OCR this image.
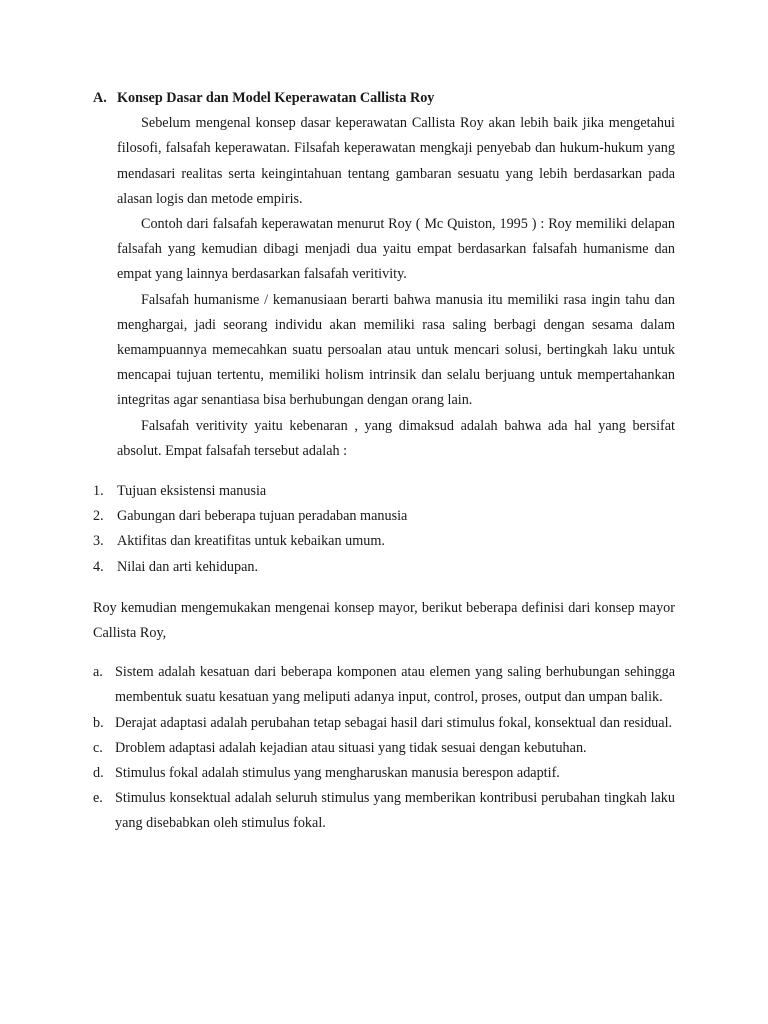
A. Konsep Dasar dan Model Keperawatan Callista Roy

Sebelum mengenal konsep dasar keperawatan Callista Roy akan lebih baik jika mengetahui filosofi, falsafah keperawatan. Filsafah keperawatan mengkaji penyebab dan hukum-hukum yang mendasari realitas serta keingintahuan tentang gambaran sesuatu yang lebih berdasarkan pada alasan logis dan metode empiris.

Contoh dari falsafah keperawatan menurut Roy ( Mc Quiston, 1995 ) : Roy memiliki delapan falsafah yang kemudian dibagi menjadi dua yaitu empat berdasarkan falsafah humanisme dan empat yang lainnya berdasarkan falsafah veritivity.

Falsafah humanisme / kemanusiaan berarti bahwa manusia itu memiliki rasa ingin tahu dan menghargai, jadi seorang individu akan memiliki rasa saling berbagi dengan sesama dalam kemampuannya memecahkan suatu persoalan atau untuk mencari solusi, bertingkah laku untuk mencapai tujuan tertentu, memiliki holism intrinsik dan selalu berjuang untuk mempertahankan integritas agar senantiasa bisa berhubungan dengan orang lain.

Falsafah veritivity yaitu kebenaran , yang dimaksud adalah bahwa ada hal yang bersifat absolut. Empat falsafah tersebut adalah :

1. Tujuan eksistensi manusia
2. Gabungan dari beberapa tujuan peradaban manusia
3. Aktifitas dan kreatifitas untuk kebaikan umum.
4. Nilai dan arti kehidupan.

Roy kemudian mengemukakan mengenai konsep mayor, berikut beberapa definisi dari konsep mayor Callista Roy,

a. Sistem adalah kesatuan dari beberapa komponen atau elemen yang saling berhubungan sehingga membentuk suatu kesatuan yang meliputi adanya input, control, proses, output dan umpan balik.
b. Derajat adaptasi adalah perubahan tetap sebagai hasil dari stimulus fokal, konsektual dan residual.
c. Droblem adaptasi adalah kejadian atau situasi yang tidak sesuai dengan kebutuhan.
d. Stimulus fokal adalah stimulus yang mengharuskan manusia berespon adaptif.
e. Stimulus konsektual adalah seluruh stimulus yang memberikan kontribusi perubahan tingkah laku yang disebabkan oleh stimulus fokal.
